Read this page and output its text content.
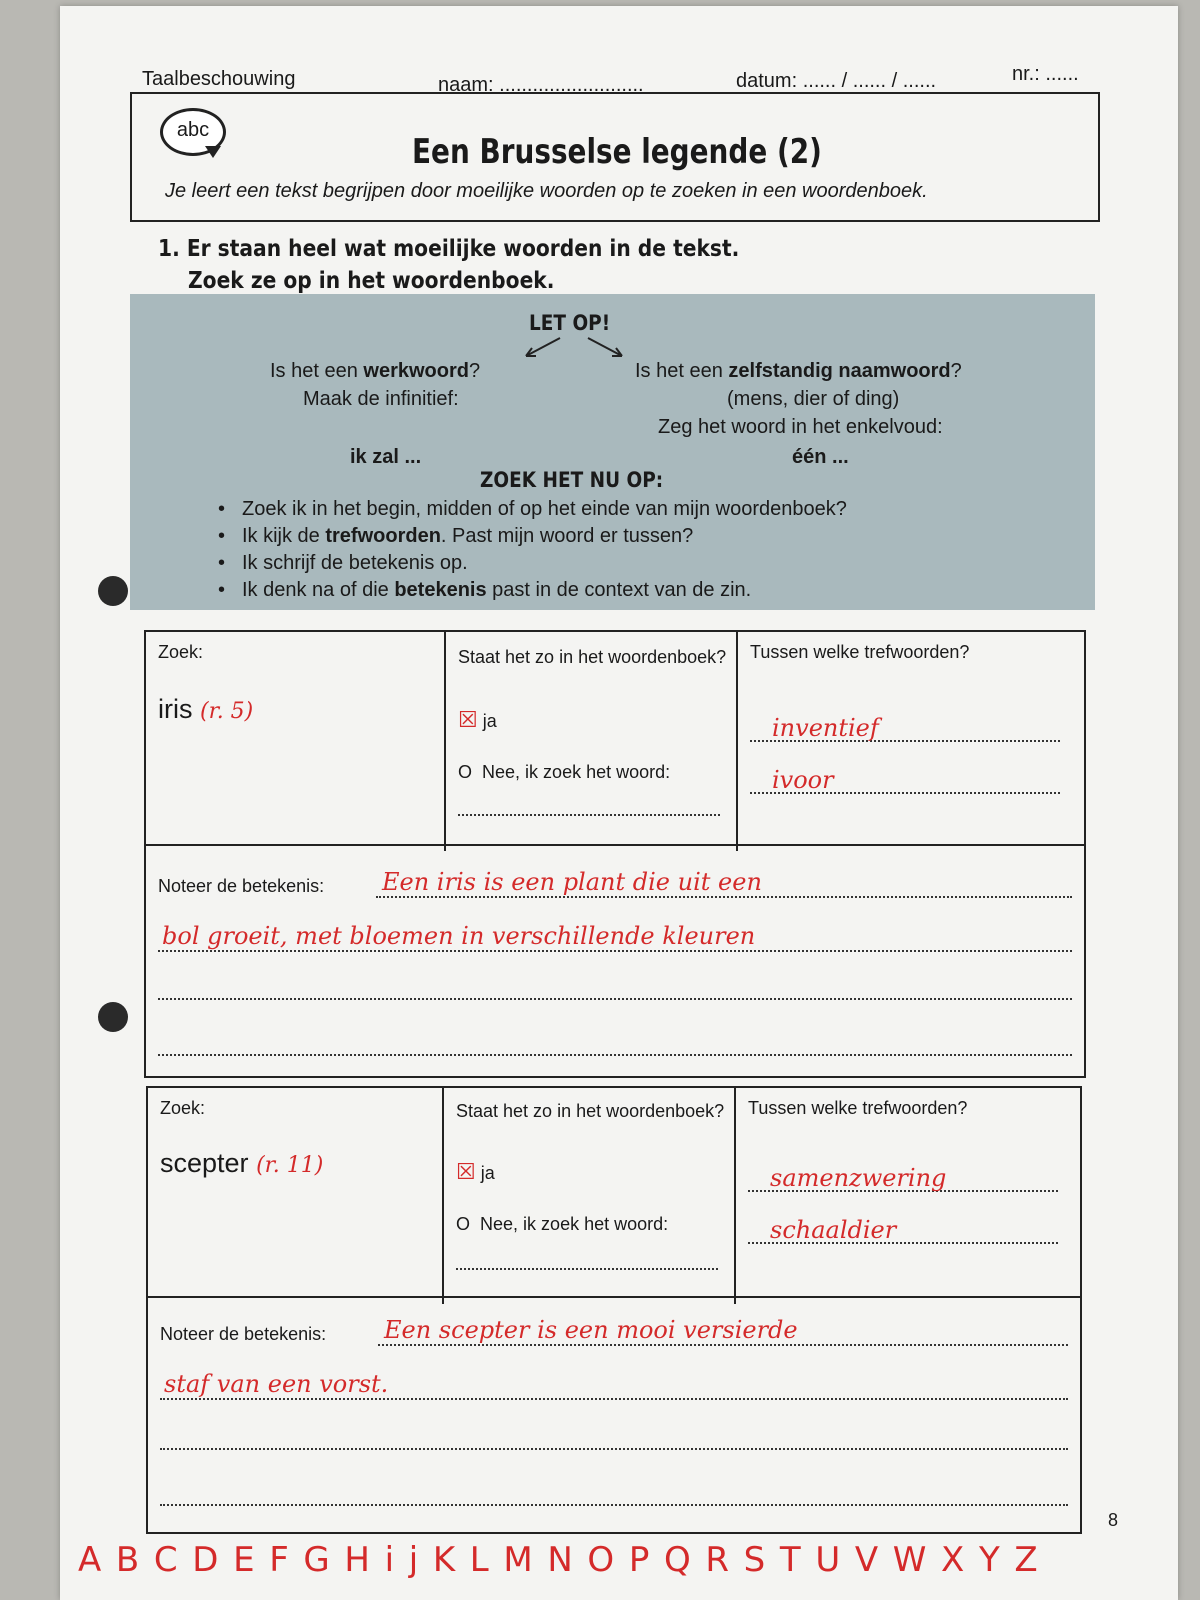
Taalbeschouwing	naam: ..........................	datum: ...... / ...... / ......	nr.: ......
abc
Een Brusselse legende (2)
Je leert een tekst begrijpen door moeilijke woorden op te zoeken in een woordenboek.
1. Er staan heel wat moeilijke woorden in de tekst.
Zoek ze op in het woordenboek.
LET OP!
Is het een werkwoord?
Maak de infinitief:
ik zal ...
Is het een zelfstandig naamwoord?
(mens, dier of ding)
Zeg het woord in het enkelvoud:
één ...
ZOEK HET NU OP:
• Zoek ik in het begin, midden of op het einde van mijn woordenboek?
• Ik kijk de trefwoorden. Past mijn woord er tussen?
• Ik schrijf de betekenis op.
• Ik denk na of die betekenis past in de context van de zin.
Zoek:
iris (r. 5)
Staat het zo in het woordenboek?
☒ ja
O Nee, ik zoek het woord:
Tussen welke trefwoorden?
inventief
ivoor
Noteer de betekenis: Een iris is een plant die uit een
bol groeit, met bloemen in verschillende kleuren
Zoek:
scepter (r. 11)
Staat het zo in het woordenboek?
☒ ja
O Nee, ik zoek het woord:
Tussen welke trefwoorden?
samenzwering
schaaldier
Noteer de betekenis: Een scepter is een mooi versierde
staf van een vorst.
8
A B C D E F G H i j K L M N O P Q R S T U V W X Y Z
